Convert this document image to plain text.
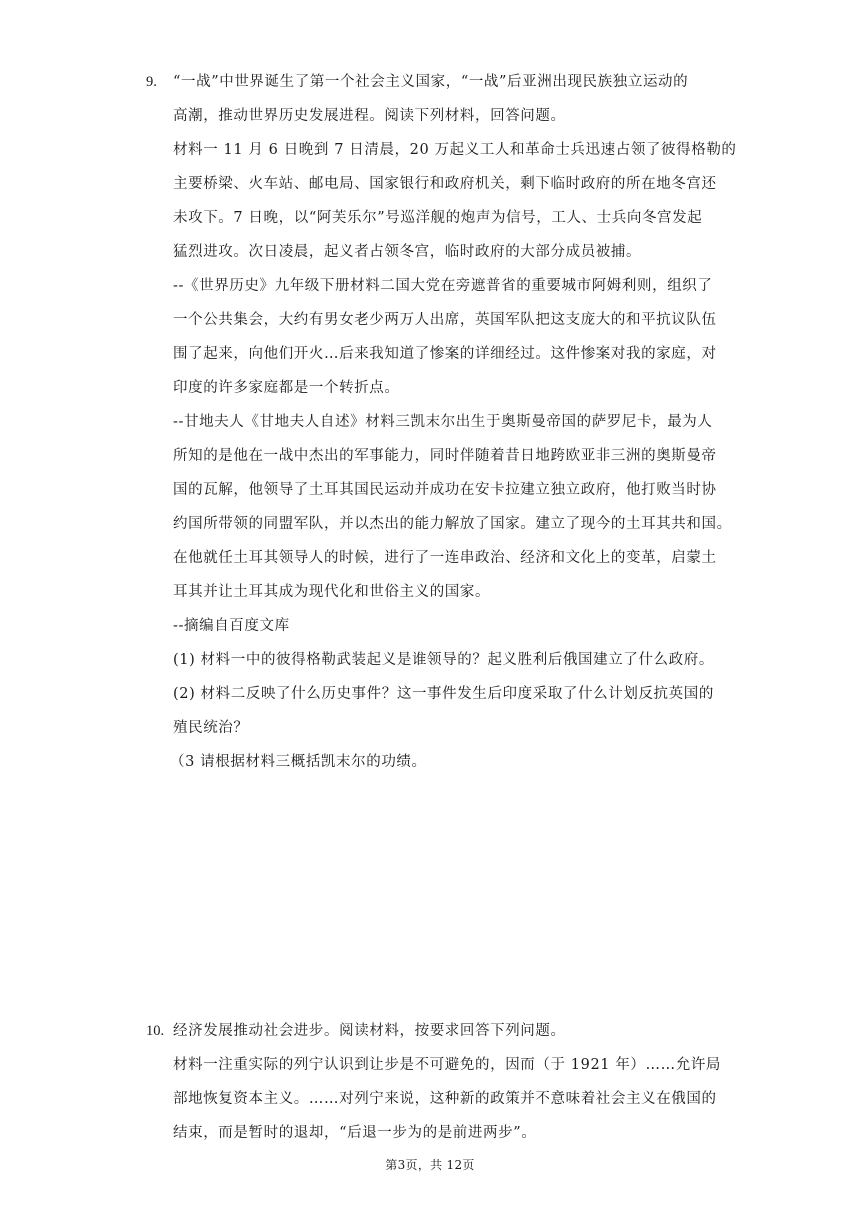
9. “一战”中世界诞生了第一个社会主义国家，“一战”后亚洲出现民族独立运动的
高潮，推动世界历史发展进程。阅读下列材料，回答问题。
材料一 11 月 6 日晚到 7 日清晨，20 万起义工人和革命士兵迅速占领了彼得格勒的
主要桥梁、火车站、邮电局、国家银行和政府机关，剩下临时政府的所在地冬宫还
未攻下。7 日晚，以“阿芙乐尔”号巡洋舰的炮声为信号，工人、士兵向冬宫发起
猛烈进攻。次日凌晨，起义者占领冬宫，临时政府的大部分成员被捕。
--《世界历史》九年级下册材料二国大党在旁遮普省的重要城市阿姆利则，组织了
一个公共集会，大约有男女老少两万人出席，英国军队把这支庞大的和平抗议队伍
围了起来，向他们开火…后来我知道了惨案的详细经过。这件惨案对我的家庭，对
印度的许多家庭都是一个转折点。
--甘地夫人《甘地夫人自述》材料三凯末尔出生于奥斯曼帝国的萨罗尼卡，最为人
所知的是他在一战中杰出的军事能力，同时伴随着昔日地跨欧亚非三洲的奥斯曼帝
国的瓦解，他领导了土耳其国民运动并成功在安卡拉建立独立政府，他打败当时协
约国所带领的同盟军队，并以杰出的能力解放了国家。建立了现今的土耳其共和国。
在他就任土耳其领导人的时候，进行了一连串政治、经济和文化上的变革，启蒙土
耳其并让土耳其成为现代化和世俗主义的国家。
--摘编自百度文库
(1) 材料一中的彼得格勒武装起义是谁领导的？起义胜利后俄国建立了什么政府。
(2) 材料二反映了什么历史事件？这一事件发生后印度采取了什么计划反抗英国的
殖民统治？
（3 请根据材料三概括凯末尔的功绩。
10. 经济发展推动社会进步。阅读材料，按要求回答下列问题。
材料一注重实际的列宁认识到让步是不可避免的，因而（于 1921 年）……允许局
部地恢复资本主义。……对列宁来说，这种新的政策并不意味着社会主义在俄国的
结束，而是暂时的退却，“后退一步为的是前进两步”。
第3页，共 12页
